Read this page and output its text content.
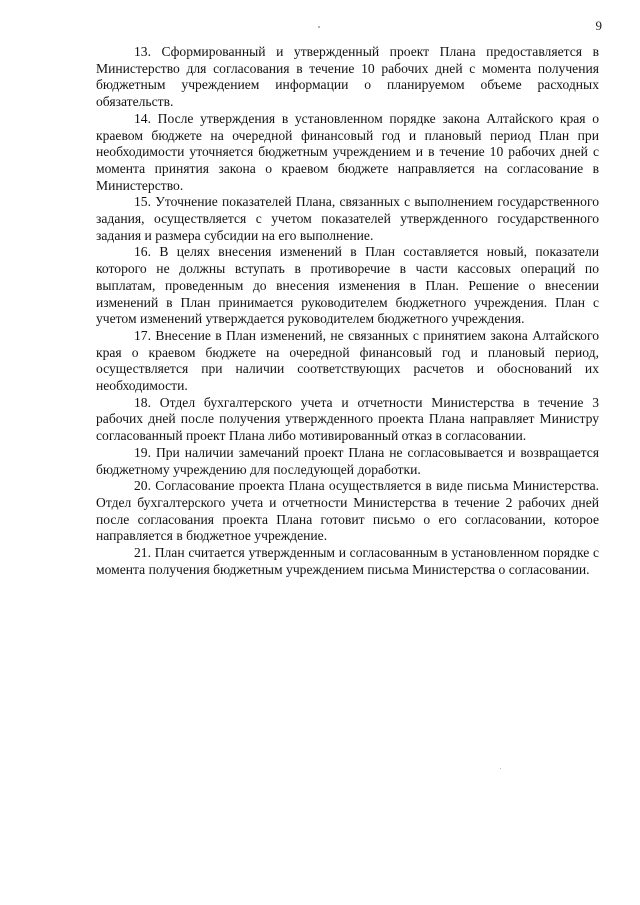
9

13. Сформированный и утвержденный проект Плана предоставляется в Министерство для согласования в течение 10 рабочих дней с момента получения бюджетным учреждением информации о планируемом объеме расходных обязательств.

14. После утверждения в установленном порядке закона Алтайского края о краевом бюджете на очередной финансовый год и плановый период План при необходимости уточняется бюджетным учреждением и в течение 10 рабочих дней с момента принятия закона о краевом бюджете направляется на согласование в Министерство.

15. Уточнение показателей Плана, связанных с выполнением государственного задания, осуществляется с учетом показателей утвержденного государственного задания и размера субсидии на его выполнение.

16. В целях внесения изменений в План составляется новый, показатели которого не должны вступать в противоречие в части кассовых операций по выплатам, проведенным до внесения изменения в План. Решение о внесении изменений в План принимается руководителем бюджетного учреждения. План с учетом изменений утверждается руководителем бюджетного учреждения.

17. Внесение в План изменений, не связанных с принятием закона Алтайского края о краевом бюджете на очередной финансовый год и плановый период, осуществляется при наличии соответствующих расчетов и обоснований их необходимости.

18. Отдел бухгалтерского учета и отчетности Министерства в течение 3 рабочих дней после получения утвержденного проекта Плана направляет Министру согласованный проект Плана либо мотивированный отказ в согласовании.

19. При наличии замечаний проект Плана не согласовывается и возвращается бюджетному учреждению для последующей доработки.

20. Согласование проекта Плана осуществляется в виде письма Министерства. Отдел бухгалтерского учета и отчетности Министерства в течение 2 рабочих дней после согласования проекта Плана готовит письмо о его согласовании, которое направляется в бюджетное учреждение.

21. План считается утвержденным и согласованным в установленном порядке с момента получения бюджетным учреждением письма Министерства о согласовании.
